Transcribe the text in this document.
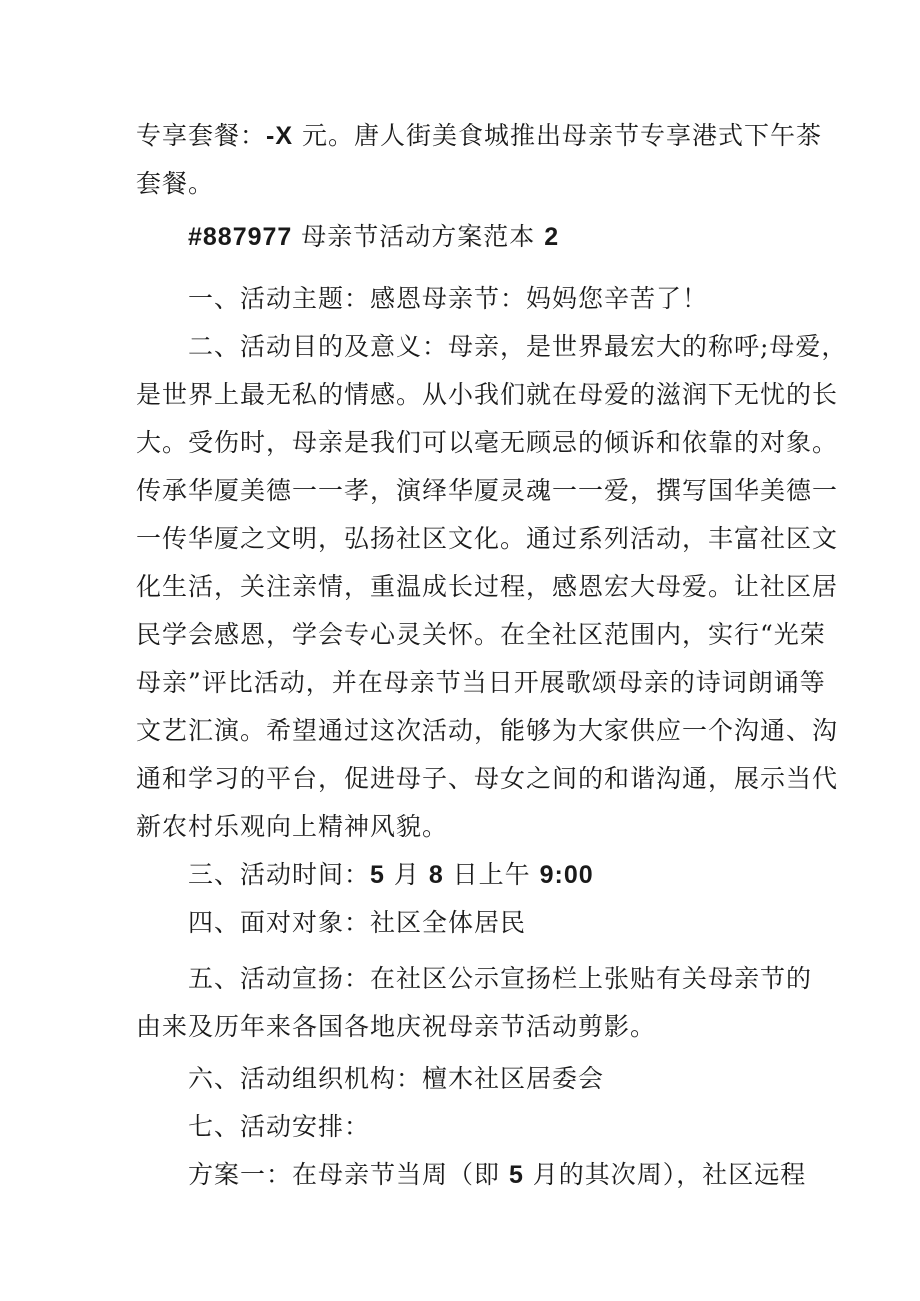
专享套餐：-X 元。唐人街美食城推出母亲节专享港式下午茶
套餐。
#887977 母亲节活动方案范本 2
一、活动主题：感恩母亲节：妈妈您辛苦了！
二、活动目的及意义：母亲，是世界最宏大的称呼;母爱，
是世界上最无私的情感。从小我们就在母爱的滋润下无忧的长
大。受伤时，母亲是我们可以毫无顾忌的倾诉和依靠的对象。
传承华厦美德一一孝，演绎华厦灵魂一一爱，撰写国华美德一
一传华厦之文明，弘扬社区文化。通过系列活动，丰富社区文
化生活，关注亲情，重温成长过程，感恩宏大母爱。让社区居
民学会感恩，学会专心灵关怀。在全社区范围内，实行“光荣
母亲”评比活动，并在母亲节当日开展歌颂母亲的诗词朗诵等
文艺汇演。希望通过这次活动，能够为大家供应一个沟通、沟
通和学习的平台，促进母子、母女之间的和谐沟通，展示当代
新农村乐观向上精神风貌。
三、活动时间：5 月 8 日上午 9:00
四、面对对象：社区全体居民
五、活动宣扬：在社区公示宣扬栏上张贴有关母亲节的
由来及历年来各国各地庆祝母亲节活动剪影。
六、活动组织机构：檀木社区居委会
七、活动安排：
方案一：在母亲节当周（即 5 月的其次周），社区远程
